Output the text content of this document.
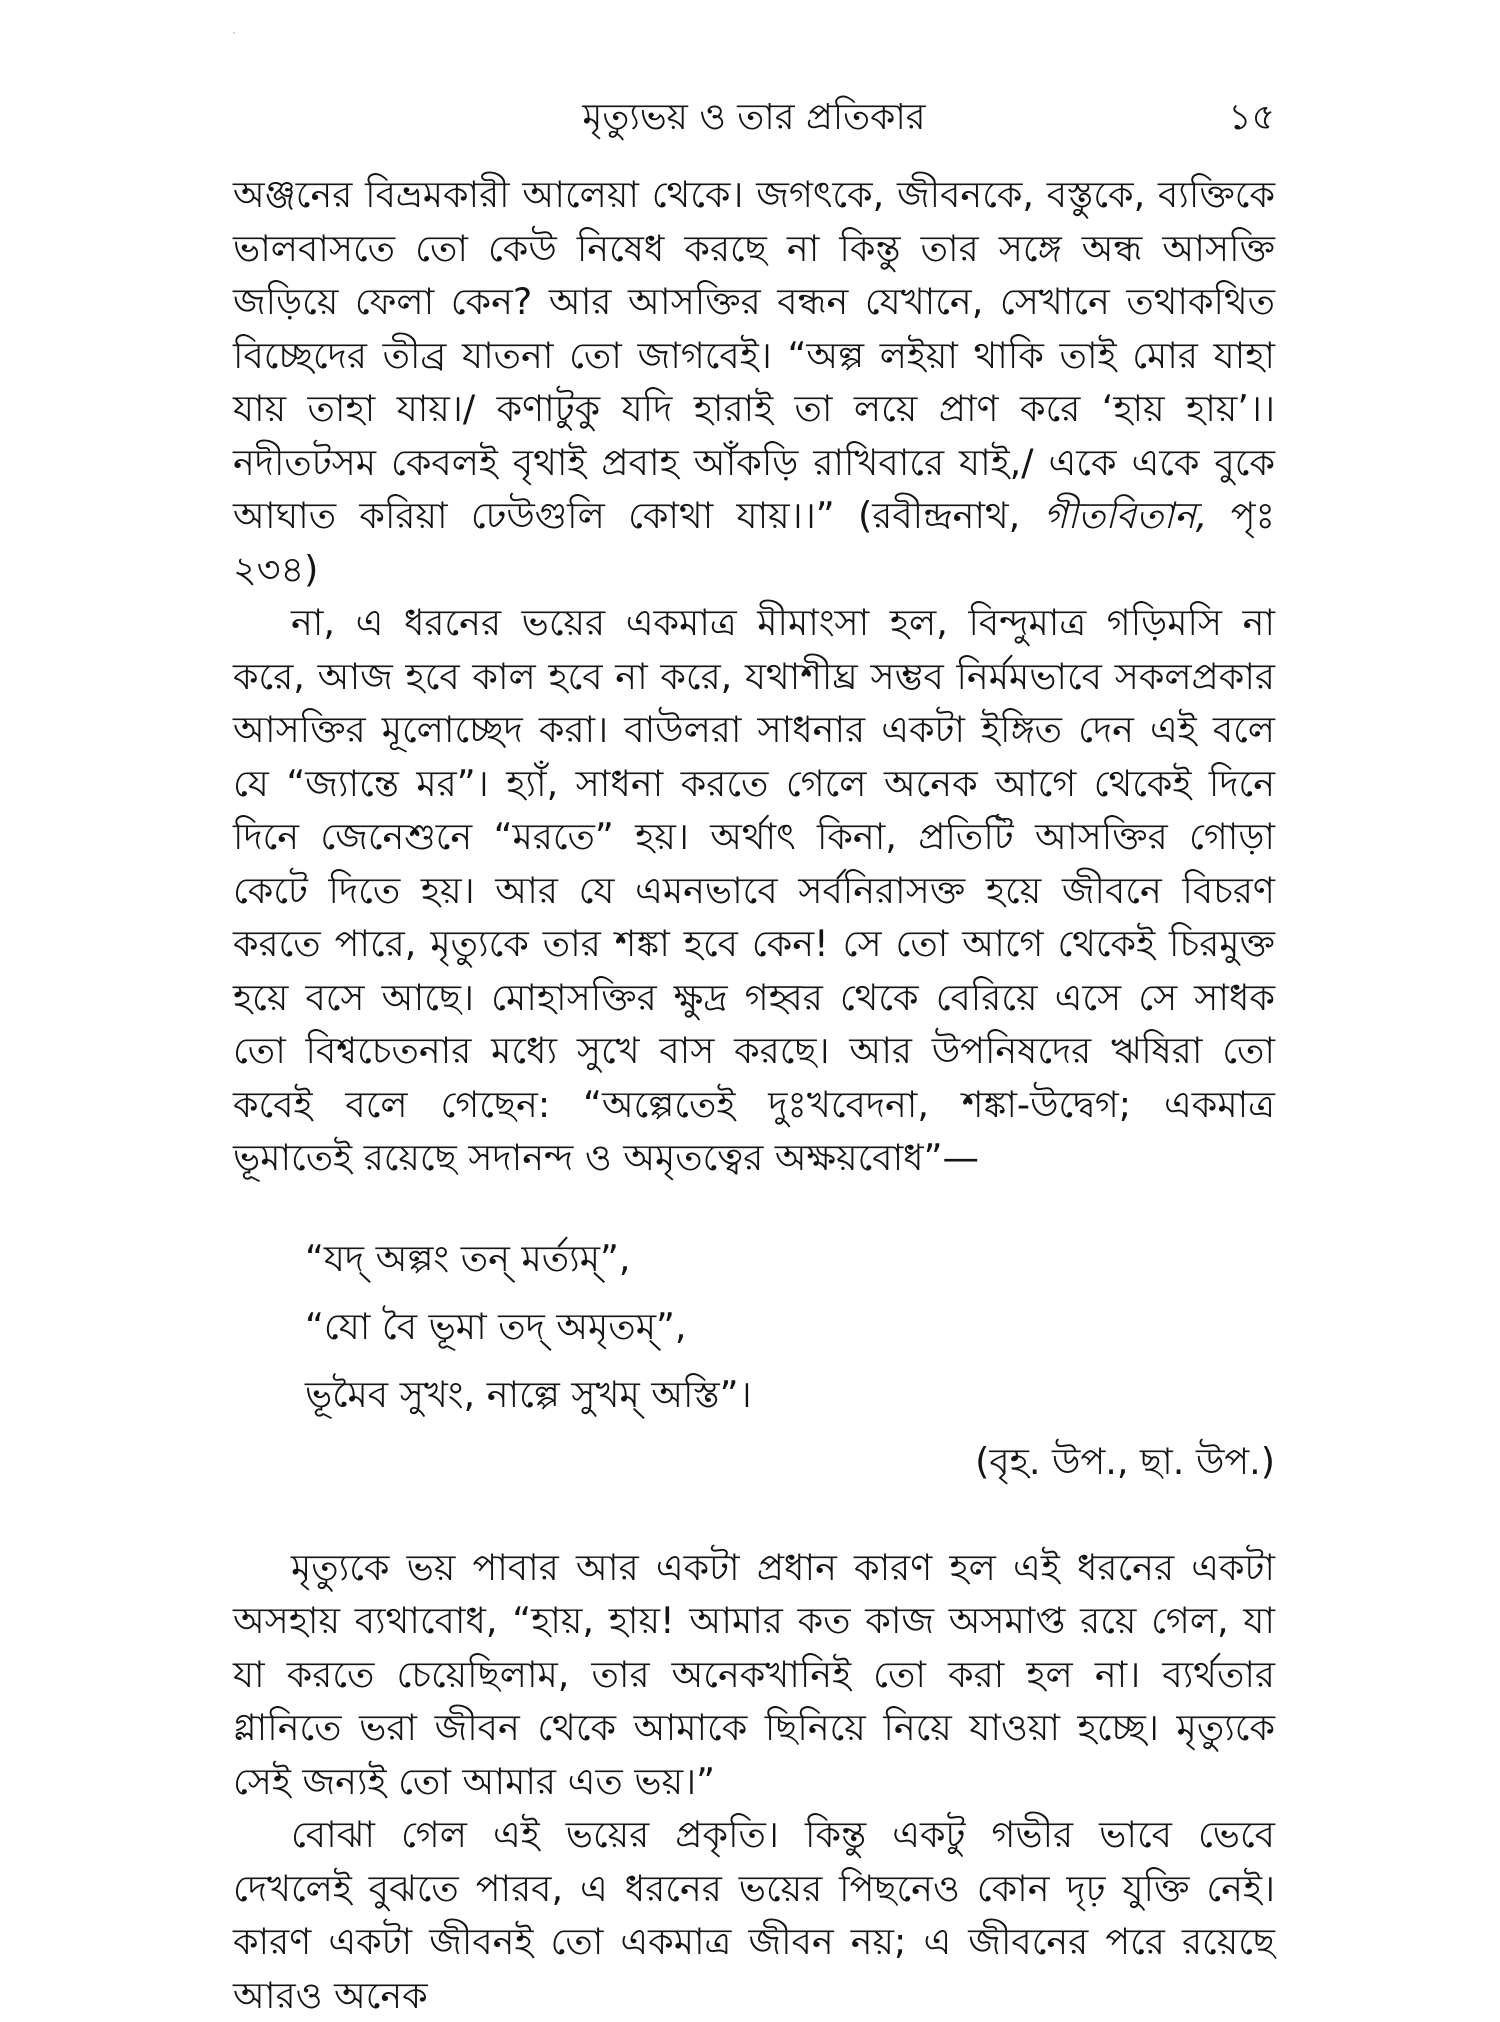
মৃত্যুভয় ও তার প্রতিকার	১৫

অঞ্জনের বিভ্রমকারী আলেয়া থেকে। জগৎকে, জীবনকে, বস্তুকে, ব্যক্তিকে ভালবাসতে তো কেউ নিষেধ করছে না কিন্তু তার সঙ্গে অন্ধ আসক্তি জড়িয়ে ফেলা কেন? আর আসক্তির বন্ধন যেখানে, সেখানে তথাকথিত বিচ্ছেদের তীব্র যাতনা তো জাগবেই। “অল্প লইয়া থাকি তাই মোর যাহা যায় তাহা যায়।/ কণাটুকু যদি হারাই তা লয়ে প্রাণ করে ‘হায় হায়’।। নদীতটসম কেবলই বৃথাই প্রবাহ আঁকড়ি রাখিবারে যাই,/ একে একে বুকে আঘাত করিয়া ঢেউগুলি কোথা যায়।।” (রবীন্দ্রনাথ, গীতবিতান, পৃঃ ২৩৪)

না, এ ধরনের ভয়ের একমাত্র মীমাংসা হল, বিন্দুমাত্র গড়িমসি না করে, আজ হবে কাল হবে না করে, যথাশীঘ্র সম্ভব নির্মমভাবে সকলপ্রকার আসক্তির মূলোচ্ছেদ করা। বাউলরা সাধনার একটা ইঙ্গিত দেন এই বলে যে “জ্যান্তে মর”। হ্যাঁ, সাধনা করতে গেলে অনেক আগে থেকেই দিনে দিনে জেনেশুনে “মরতে” হয়। অর্থাৎ কিনা, প্রতিটি আসক্তির গোড়া কেটে দিতে হয়। আর যে এমনভাবে সর্বনিরাসক্ত হয়ে জীবনে বিচরণ করতে পারে, মৃত্যুকে তার শঙ্কা হবে কেন! সে তো আগে থেকেই চিরমুক্ত হয়ে বসে আছে। মোহাসক্তির ক্ষুদ্র গহ্বর থেকে বেরিয়ে এসে সে সাধক তো বিশ্বচেতনার মধ্যে সুখে বাস করছে। আর উপনিষদের ঋষিরা তো কবেই বলে গেছেন: “অল্পেতেই দুঃখবেদনা, শঙ্কা-উদ্বেগ; একমাত্র ভূমাতেই রয়েছে সদানন্দ ও অমৃতত্বের অক্ষয়বোধ”—

“যদ্‌ অল্পং তন্‌ মর্ত্যম্‌”,
“যো বৈ ভূমা তদ্‌ অমৃতম্‌”,
ভূমৈব সুখং, নাল্পে সুখম্‌ অস্তি”।

(বৃহ. উপ., ছা. উপ.)

মৃত্যুকে ভয় পাবার আর একটা প্রধান কারণ হল এই ধরনের একটা অসহায় ব্যথাবোধ, “হায়, হায়! আমার কত কাজ অসমাপ্ত রয়ে গেল, যা যা করতে চেয়েছিলাম, তার অনেকখানিই তো করা হল না। ব্যর্থতার গ্লানিতে ভরা জীবন থেকে আমাকে ছিনিয়ে নিয়ে যাওয়া হচ্ছে। মৃত্যুকে সেই জন্যই তো আমার এত ভয়।”

বোঝা গেল এই ভয়ের প্রকৃতি। কিন্তু একটু গভীর ভাবে ভেবে দেখলেই বুঝতে পারব, এ ধরনের ভয়ের পিছনেও কোন দৃঢ় যুক্তি নেই। কারণ একটা জীবনই তো একমাত্র জীবন নয়; এ জীবনের পরে রয়েছে আরও অনেক
